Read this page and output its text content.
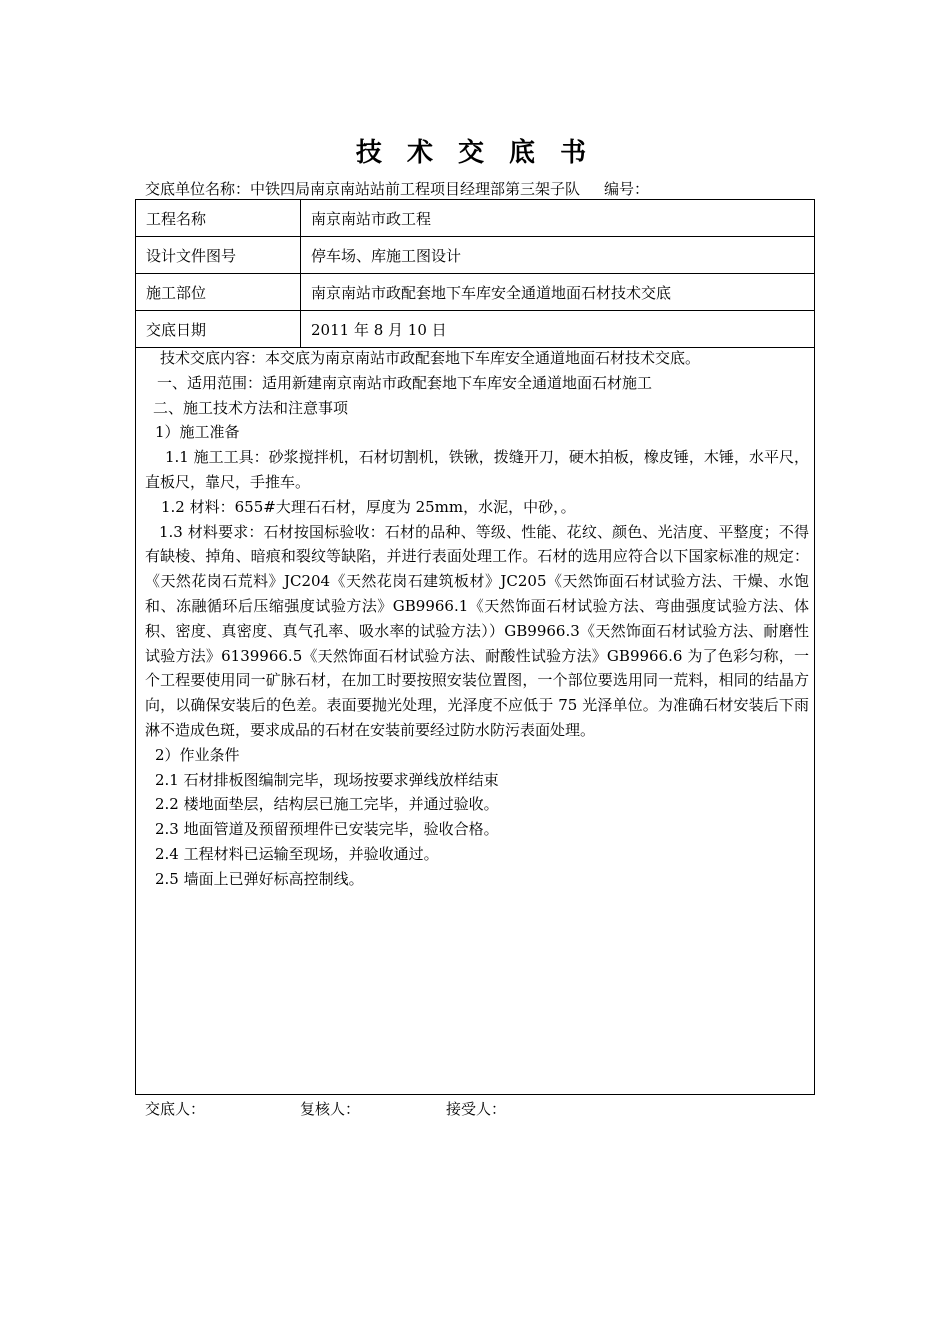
技 术 交 底 书
交底单位名称：中铁四局南京南站站前工程项目经理部第三架子队 编号：
工程名称	南京南站市政工程
设计文件图号	停车场、库施工图设计
施工部位	南京南站市政配套地下车库安全通道地面石材技术交底
交底日期	2011 年 8 月 10 日

技术交底内容：本交底为南京南站市政配套地下车库安全通道地面石材技术交底。

一、适用范围：适用新建南京南站市政配套地下车库安全通道地面石材施工

二、施工技术方法和注意事项

1）施工准备

1.1 施工工具：砂浆搅拌机，石材切割机，铁锹，拨缝开刀，硬木拍板，橡皮锤，木锤，水平尺，直板尺，靠尺，手推车。

1.2 材料：655#大理石石材，厚度为 25mm，水泥，中砂，。

1.3 材料要求：石材按国标验收：石材的品种、等级、性能、花纹、颜色、光洁度、平整度；不得有缺棱、掉角、暗痕和裂纹等缺陷，并进行表面处理工作。石材的选用应符合以下国家标准的规定：《天然花岗石荒料》JC204《天然花岗石建筑板材》JC205《天然饰面石材试验方法、干燥、水饱和、冻融循环后压缩强度试验方法》GB9966.1《天然饰面石材试验方法、弯曲强度试验方法、体积、密度、真密度、真气孔率、吸水率的试验方法））GB9966.3《天然饰面石材试验方法、耐磨性试验方法》6139966.5《天然饰面石材试验方法、耐酸性试验方法》GB9966.6 为了色彩匀称，一个工程要使用同一矿脉石材，在加工时要按照安装位置图，一个部位要选用同一荒料，相同的结晶方向，以确保安装后的色差。表面要抛光处理，光泽度不应低于 75 光泽单位。为准确石材安装后下雨淋不造成色斑，要求成品的石材在安装前要经过防水防污表面处理。

2）作业条件

2.1 石材排板图编制完毕，现场按要求弹线放样结束

2.2 楼地面垫层，结构层已施工完毕，并通过验收。

2.3 地面管道及预留预埋件已安装完毕，验收合格。

2.4 工程材料已运输至现场，并验收通过。

2.5 墙面上已弹好标高控制线。

交底人：	复核人：	接受人：
